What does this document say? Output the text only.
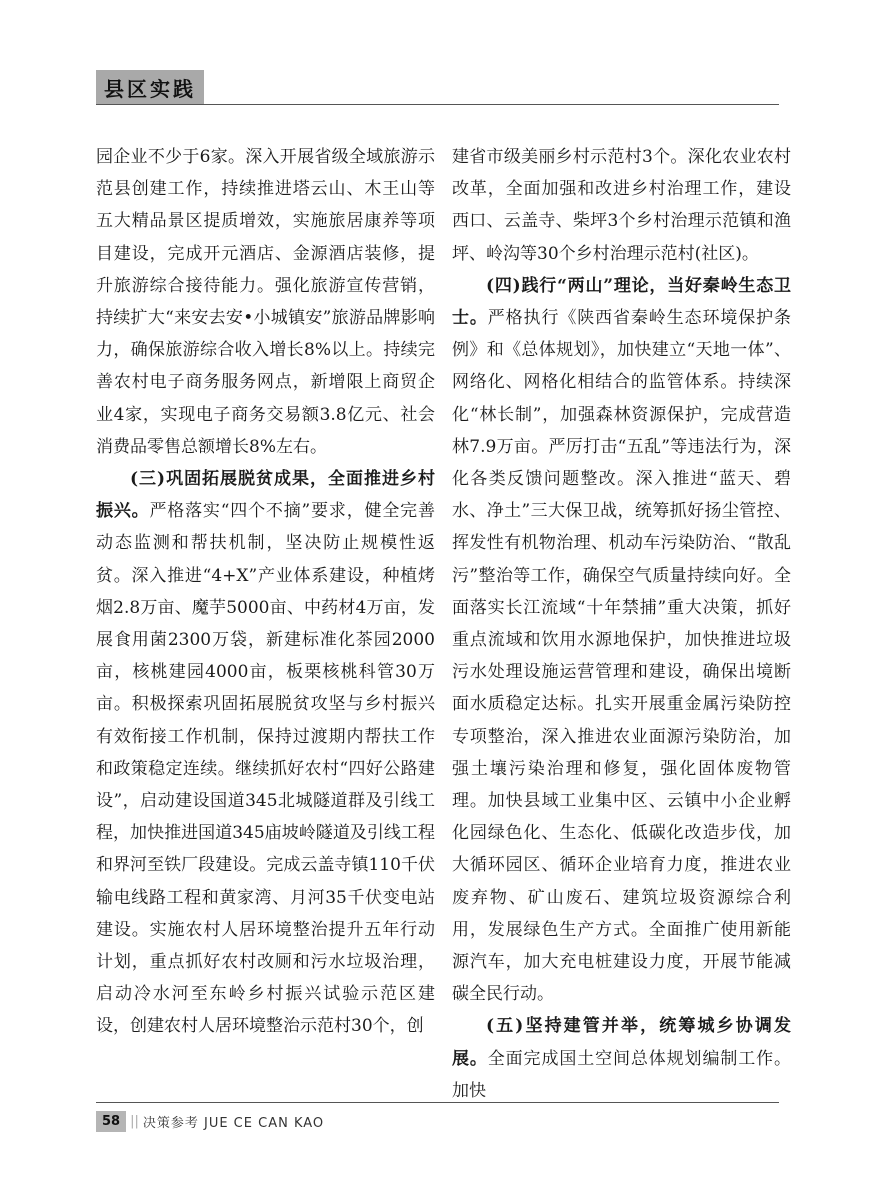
县区实践

园企业不少于6家。深入开展省级全域旅游示范县创建工作，持续推进塔云山、木王山等五大精品景区提质增效，实施旅居康养等项目建设，完成开元酒店、金源酒店装修，提升旅游综合接待能力。强化旅游宣传营销，持续扩大“来安去安•小城镇安”旅游品牌影响力，确保旅游综合收入增长8%以上。持续完善农村电子商务服务网点，新增限上商贸企业4家，实现电子商务交易额3.8亿元、社会消费品零售总额增长8%左右。

(三)巩固拓展脱贫成果，全面推进乡村振兴。严格落实“四个不摘”要求，健全完善动态监测和帮扶机制，坚决防止规模性返贫。深入推进“4+X”产业体系建设，种植烤烟2.8万亩、魔芋5000亩、中药材4万亩，发展食用菌2300万袋，新建标准化茶园2000亩，核桃建园4000亩，板栗核桃科管30万亩。积极探索巩固拓展脱贫攻坚与乡村振兴有效衔接工作机制，保持过渡期内帮扶工作和政策稳定连续。继续抓好农村“四好公路建设”，启动建设国道345北城隧道群及引线工程，加快推进国道345庙坡岭隧道及引线工程和界河至铁厂段建设。完成云盖寺镇110千伏输电线路工程和黄家湾、月河35千伏变电站建设。实施农村人居环境整治提升五年行动计划，重点抓好农村改厕和污水垃圾治理，启动冷水河至东岭乡村振兴试验示范区建设，创建农村人居环境整治示范村30个，创

建省市级美丽乡村示范村3个。深化农业农村改革，全面加强和改进乡村治理工作，建设西口、云盖寺、柴坪3个乡村治理示范镇和渔坪、岭沟等30个乡村治理示范村(社区)。

(四)践行“两山”理论，当好秦岭生态卫士。严格执行《陕西省秦岭生态环境保护条例》和《总体规划》，加快建立“天地一体”、网络化、网格化相结合的监管体系。持续深化“林长制”，加强森林资源保护，完成营造林7.9万亩。严厉打击“五乱”等违法行为，深化各类反馈问题整改。深入推进“蓝天、碧水、净土”三大保卫战，统筹抓好扬尘管控、挥发性有机物治理、机动车污染防治、“散乱污”整治等工作，确保空气质量持续向好。全面落实长江流域“十年禁捕”重大决策，抓好重点流域和饮用水源地保护，加快推进垃圾污水处理设施运营管理和建设，确保出境断面水质稳定达标。扎实开展重金属污染防控专项整治，深入推进农业面源污染防治，加强土壤污染治理和修复，强化固体废物管理。加快县域工业集中区、云镇中小企业孵化园绿色化、生态化、低碳化改造步伐，加大循环园区、循环企业培育力度，推进农业废弃物、矿山废石、建筑垃圾资源综合利用，发展绿色生产方式。全面推广使用新能源汽车，加大充电桩建设力度，开展节能减碳全民行动。

(五)坚持建管并举，统筹城乡协调发展。全面完成国土空间总体规划编制工作。加快

58 || 决策参考 JUE CE CAN KAO
